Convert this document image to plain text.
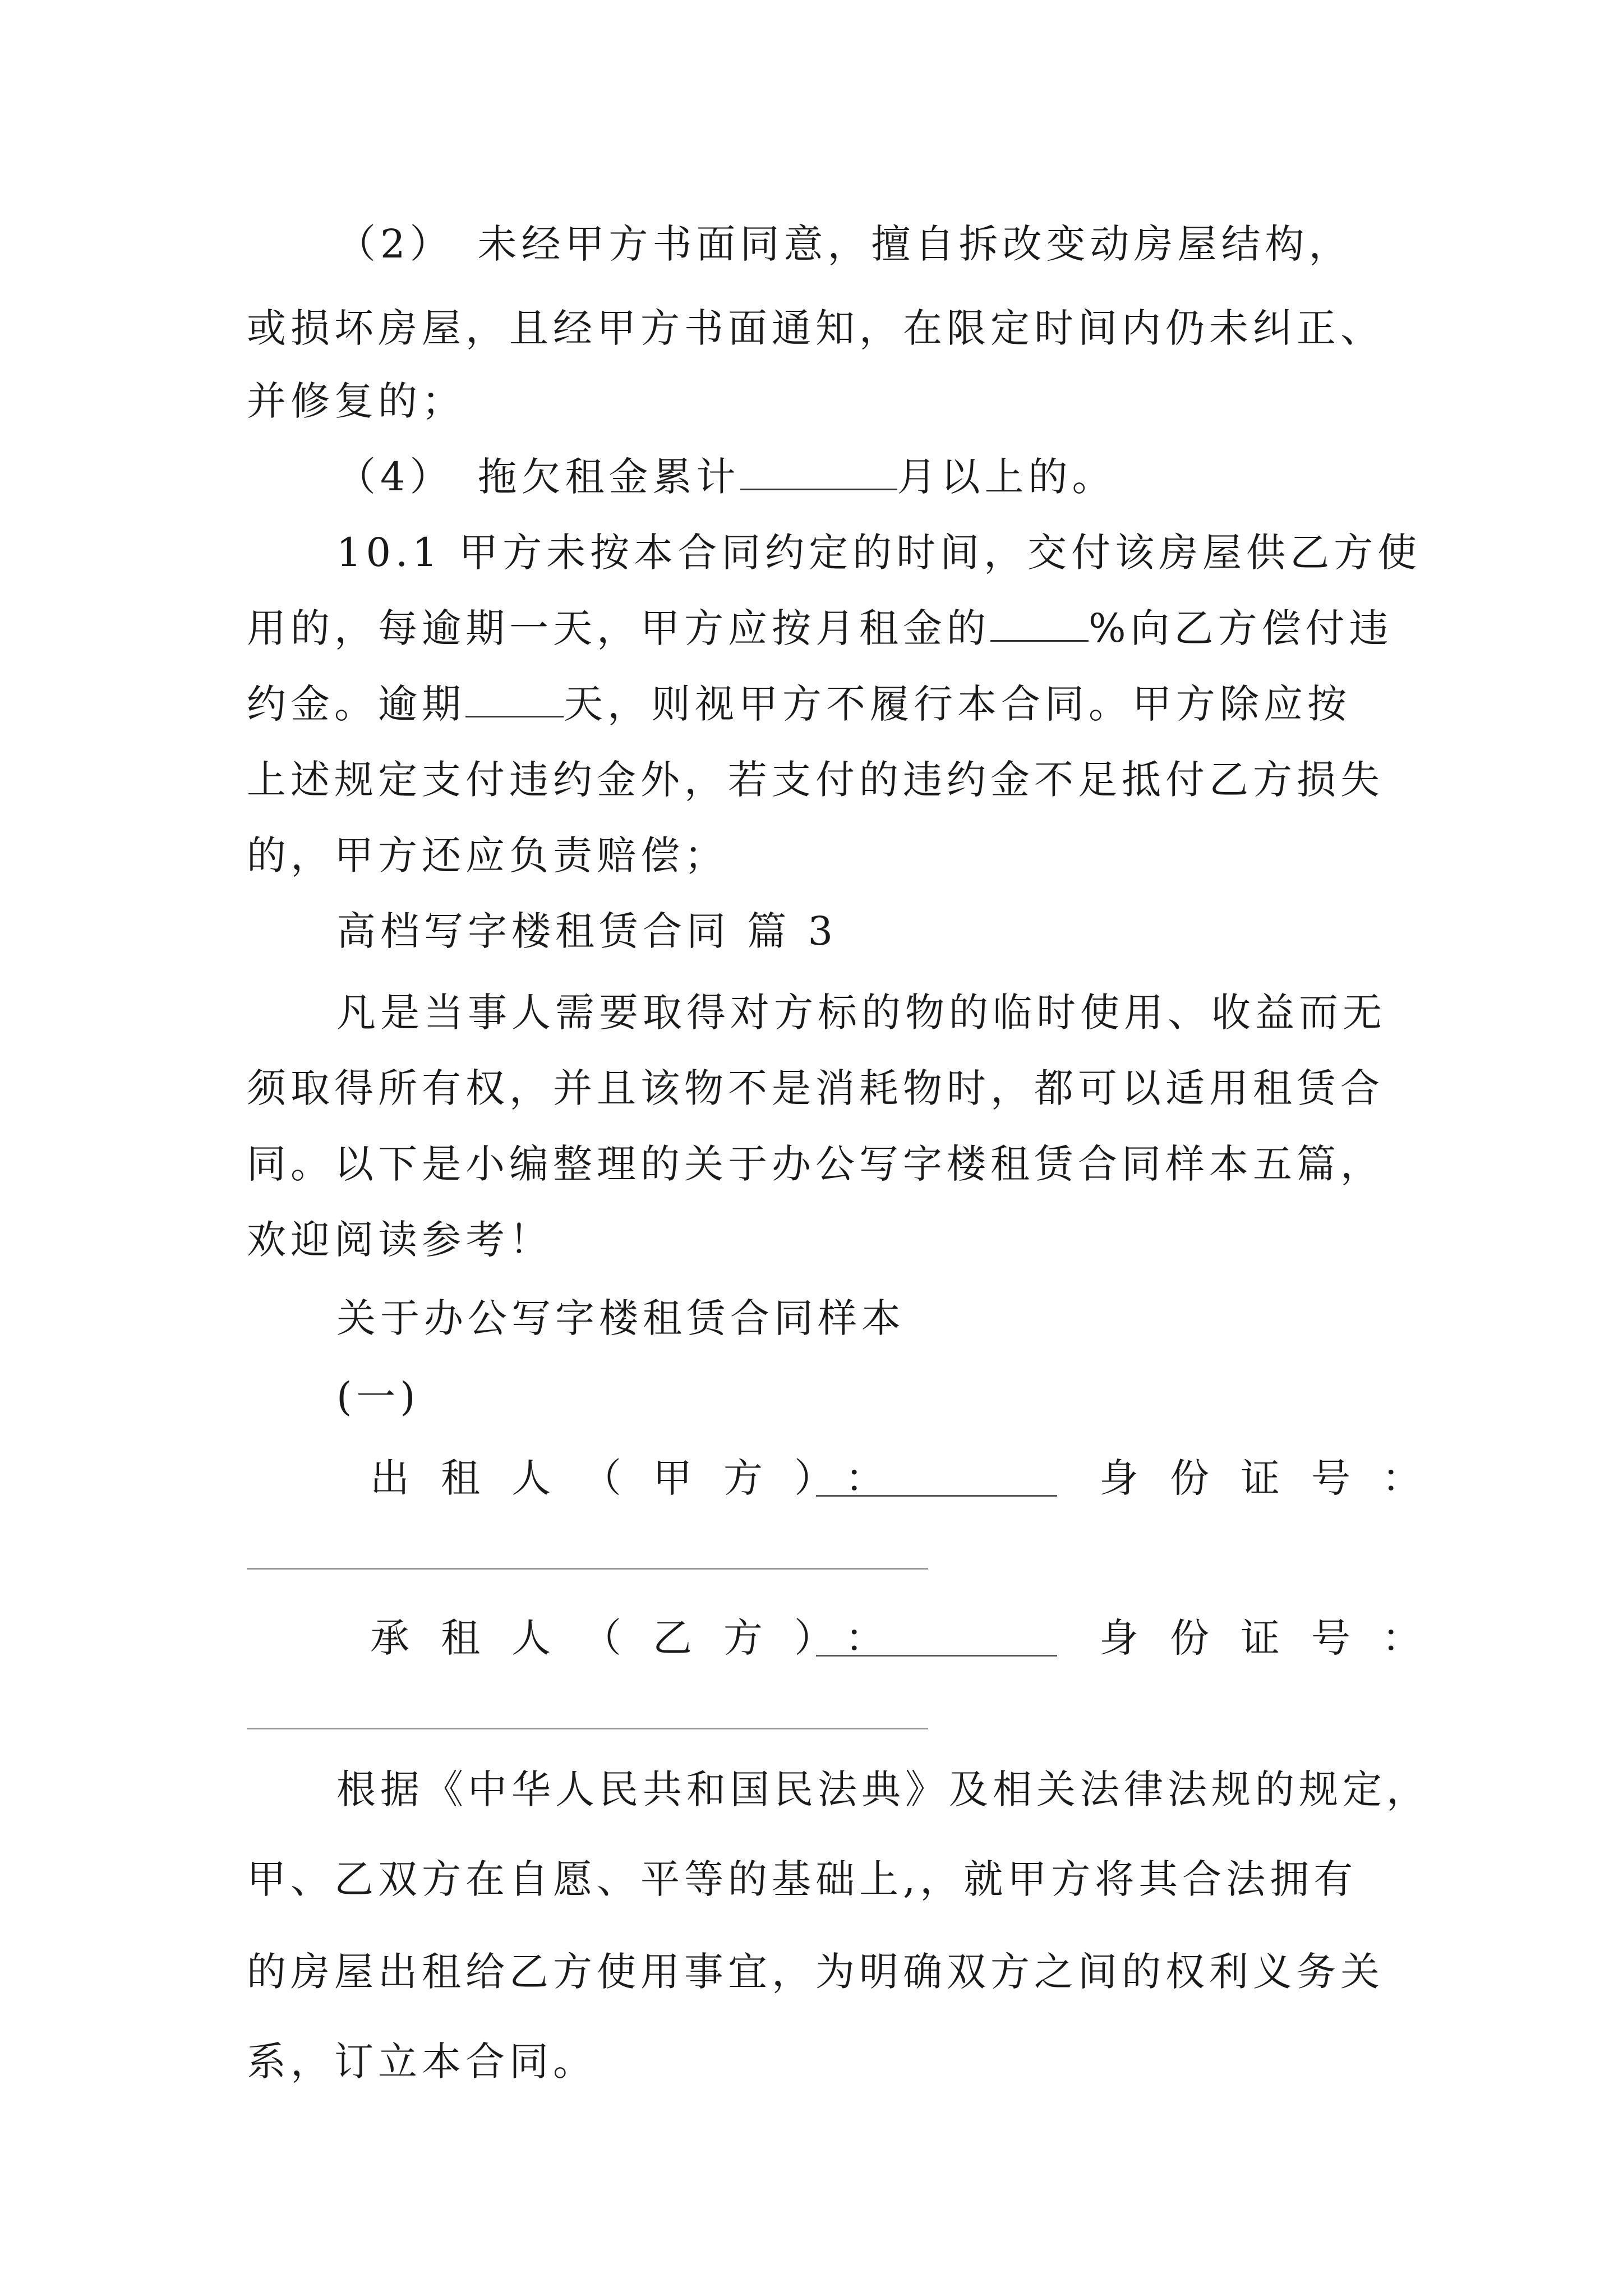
（2）　未经甲方书面同意，擅自拆改变动房屋结构，
或损坏房屋，且经甲方书面通知，在限定时间内仍未纠正、
并修复的；
（4）　拖欠租金累计	月以上的。
10.1 甲方未按本合同约定的时间，交付该房屋供乙方使
用的，每逾期一天，甲方应按月租金的	%向乙方偿付违
约金。逾期	天，则视甲方不履行本合同。甲方除应按
上述规定支付违约金外，若支付的违约金不足抵付乙方损失
的，甲方还应负责赔偿；
高档写字楼租赁合同 篇 3
凡是当事人需要取得对方标的物的临时使用、收益而无
须取得所有权，并且该物不是消耗物时，都可以适用租赁合
同。以下是小编整理的关于办公写字楼租赁合同样本五篇，
欢迎阅读参考！
关于办公写字楼租赁合同样本
(一)
出租人（甲方）：	身份证号：
承租人（乙方）：	身份证号：
根据《中华人民共和国民法典》及相关法律法规的规定，
甲、乙双方在自愿、平等的基础上,，就甲方将其合法拥有
的房屋出租给乙方使用事宜，为明确双方之间的权利义务关
系，订立本合同。
